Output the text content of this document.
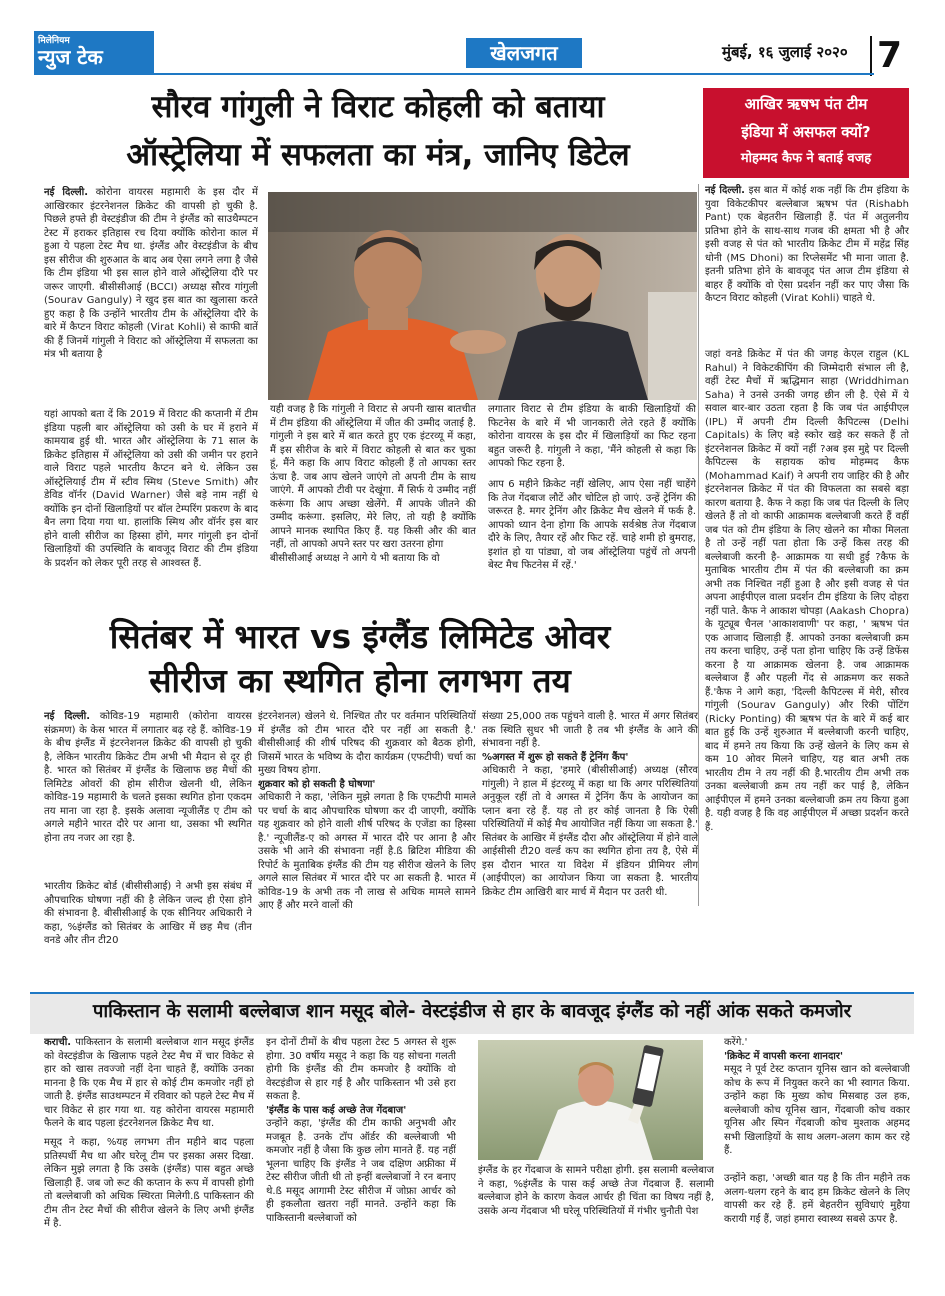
मिलेनियम
न्युज टेक	खेलजगत	मुंबई, १६ जुलाई २०२० 7
सौरव गांगुली ने विराट कोहली को बताया
ऑस्ट्रेलिया में सफलता का मंत्र, जानिए डिटेल
आखिर ऋषभ पंत टीम
इंडिया में असफल क्यों?
मोहम्मद कैफ ने बताई वजह

नई दिल्ली. कोरोना वायरस महामारी के इस दौर में आखिरकार इंटरनेशनल क्रिकेट की वापसी हो चुकी है. पिछले हफ्ते ही वेस्टइंडीज की टीम ने इंग्लैंड को साउथैम्पटन टेस्ट में हराकर इतिहास रच दिया क्योंकि कोरोना काल में हुआ ये पहला टेस्ट मैच था. इंग्लैंड और वेस्टइंडीज के बीच इस सीरीज की शुरुआत के बाद अब ऐसा लगने लगा है जैसे कि टीम इंडिया भी इस साल होने वाले ऑस्ट्रेलिया दौरे पर जरूर जाएगी. बीसीसीआई (BCCI) अध्यक्ष सौरव गांगुली (Sourav Ganguly) ने खुद इस बात का खुलासा करते हुए कहा है कि उन्होंने भारतीय टीम के ऑस्ट्रेलिया दौरे के बारे में कैप्टन विराट कोहली (Virat Kohli) से काफी बातें की हैं जिनमें गांगुली ने विराट को ऑस्ट्रेलिया में सफलता का मंत्र भी बताया है

यहां आपको बता दें कि 2019 में विराट की कप्तानी में टीम इंडिया पहली बार ऑस्ट्रेलिया को उसी के घर में हराने में कामयाब हुई थी. भारत और ऑस्ट्रेलिया के 71 साल के क्रिकेट इतिहास में ऑस्ट्रेलिया को उसी की जमीन पर हराने वाले विराट पहले भारतीय कैप्टन बने थे. लेकिन उस ऑस्ट्रेलियाई टीम में स्टीव स्मिथ (Steve Smith) और डेविड वॉर्नर (David Warner) जैसे बड़े नाम नहीं थे क्योंकि इन दोनों खिलाड़ियों पर बॉल टेम्परिंग प्रकरण के बाद बैन लगा दिया गया था. हालांकि स्मिथ और वॉर्नर इस बार होने वाली सीरीज का हिस्सा होंगे, मगर गांगुली इन दोनों खिलाड़ियों की उपस्थिति के बावजूद विराट की टीम इंडिया के प्रदर्शन को लेकर पूरी तरह से आश्वस्त हैं.

यही वजह है कि गांगुली ने विराट से अपनी खास बातचीत में टीम इंडिया की ऑस्ट्रेलिया में जीत की उम्मीद जताई है. गांगुली ने इस बारे में बात करते हुए एक इंटरव्यू में कहा, मैं इस सीरीज के बारे में विराट कोहली से बात कर चुका हूं, मैंने कहा कि आप विराट कोहली हैं तो आपका स्तर ऊंचा है. जब आप खेलने जाएंगे तो अपनी टीम के साथ जाएंगे. मैं आपको टीवी पर देखूंगा. मैं सिर्फ ये उम्मीद नहीं करूंगा कि आप अच्छा खेलेंगे. मैं आपके जीतने की उम्मीद करूंगा. इसलिए, मेरे लिए, तो यही है क्योंकि आपने मानक स्थापित किए हैं. यह किसी और की बात नहीं, तो आपको अपने स्तर पर खरा उतरना होगा

बीसीसीआई अध्यक्ष ने आगे ये भी बताया कि वो

लगातार विराट से टीम इंडिया के बाकी खिलाड़ियों की फिटनेस के बारे में भी जानकारी लेते रहते हैं क्योंकि कोरोना वायरस के इस दौर में खिलाड़ियों का फिट रहना बहुत जरूरी है. गांगुली ने कहा, 'मैंने कोहली से कहा कि आपको फिट रहना है.

आप 6 महीने क्रिकेट नहीं खेलिए, आप ऐसा नहीं चाहेंगे कि तेज गेंदबाज लौटें और चोटिल हो जाएं. उन्हें ट्रेनिंग की जरूरत है. मगर ट्रेनिंग और क्रिकेट मैच खेलने में फर्क है. आपको ध्यान देना होगा कि आपके सर्वश्रेष्ठ तेज गेंदबाज दौरे के लिए, तैयार रहें और फिट रहें. चाहे शमी हो बुमराह, इशांत हो या पांड्या, वो जब ऑस्ट्रेलिया पहुंचें तो अपनी बेस्ट मैच फिटनेस में रहें.'

नई दिल्ली. इस बात में कोई शक नहीं कि टीम इंडिया के युवा विकेटकीपर बल्लेबाज ऋषभ पंत (Rishabh Pant) एक बेहतरीन खिलाड़ी हैं. पंत में अतुलनीय प्रतिभा होने के साथ-साथ गजब की क्षमता भी है और इसी वजह से पंत को भारतीय क्रिकेट टीम में महेंद्र सिंह धोनी (MS Dhoni) का रिप्लेसमेंट भी माना जाता है. इतनी प्रतिभा होने के बावजूद पंत आज टीम इंडिया से बाहर हैं क्योंकि वो ऐसा प्रदर्शन नहीं कर पाए जैसा कि कैप्टन विराट कोहली (Virat Kohli) चाहते थे.

जहां वनडे क्रिकेट में पंत की जगह केएल राहुल (KL Rahul) ने विकेटकीपिंग की जिम्मेदारी संभाल ली है, वहीं टेस्ट मैचों में ऋद्धिमान साहा (Wriddhiman Saha) ने उनसे उनकी जगह छीन ली है. ऐसे में ये सवाल बार-बार उठता रहता है कि जब पंत आईपीएल (IPL) में अपनी टीम दिल्ली कैपिटल्स (Delhi Capitals) के लिए बड़े स्कोर खड़े कर सकते हैं तो इंटरनेशनल क्रिकेट में क्यों नहीं ?अब इस मुद्दे पर दिल्ली कैपिटल्स के सहायक कोच मोहम्मद कैफ (Mohammad Kaif) ने अपनी राय जाहिर की है और इंटरनेशनल क्रिकेट में पंत की विफलता का सबसे बड़ा कारण बताया है. कैफ ने कहा कि जब पंत दिल्ली के लिए खेलते हैं तो वो काफी आक्रामक बल्लेबाजी करते हैं वहीं जब पंत को टीम इंडिया के लिए खेलने का मौका मिलता है तो उन्हें नहीं पता होता कि उन्हें किस तरह की बल्लेबाजी करनी है- आक्रामक या सधी हुई ?कैफ के मुताबिक भारतीय टीम में पंत की बल्लेबाजी का क्रम अभी तक निश्चित नहीं हुआ है और इसी वजह से पंत अपना आईपीएल वाला प्रदर्शन टीम इंडिया के लिए दोहरा नहीं पाते. कैफ ने आकाश चोपड़ा (Aakash Chopra) के यूट्यूब चैनल 'आकाशवाणी' पर कहा, ' ऋषभ पंत एक आजाद खिलाड़ी हैं. आपको उनका बल्लेबाजी क्रम तय करना चाहिए, उन्हें पता होना चाहिए कि उन्हें डिफेंस करना है या आक्रामक खेलना है. जब आक्रामक बल्लेबाज हैं और पहली गेंद से आक्रमण कर सकते हैं.'कैफ ने आगे कहा, 'दिल्ली कैपिटल्स में मेरी, सौरव गांगुली (Sourav Ganguly) और रिकी पोंटिंग (Ricky Ponting) की ऋषभ पंत के बारे में कई बार बात हुई कि उन्हें शुरुआत में बल्लेबाजी करनी चाहिए, बाद में हमने तय किया कि उन्हें खेलने के लिए कम से कम 10 ओवर मिलने चाहिए, यह बात अभी तक भारतीय टीम ने तय नहीं की है.भारतीय टीम अभी तक उनका बल्लेबाजी क्रम तय नहीं कर पाई है, लेकिन आईपीएल में हमने उनका बल्लेबाजी क्रम तय किया हुआ है. यही वजह है कि वह आईपीएल में अच्छा प्रदर्शन करते हैं.

सितंबर में भारत vs इंग्लैंड लिमिटेड ओवर
सीरीज का स्थगित होना लगभग तय

नई दिल्ली. कोविड-19 महामारी (कोरोना वायरस संक्रमण) के केस भारत में लगातार बढ़ रहे हैं. कोविड-19 के बीच इंग्लैंड में इंटरनेशनल क्रिकेट की वापसी हो चुकी है, लेकिन भारतीय क्रिकेट टीम अभी भी मैदान से दूर ही है. भारत को सितंबर में इंग्लैंड के खिलाफ छह मैचों की लिमिटेड ओवरों की होम सीरीज खेलनी थी, लेकिन कोविड-19 महामारी के चलते इसका स्थगित होना एकदम तय माना जा रहा है. इसके अलावा न्यूजीलैंड ए टीम को अगले महीने भारत दौरे पर आना था, उसका भी स्थगित होना तय नजर आ रहा है.

भारतीय क्रिकेट बोर्ड (बीसीसीआई) ने अभी इस संबंध में औपचारिक घोषणा नहीं की है लेकिन जल्द ही ऐसा होने की संभावना है. बीसीसीआई के एक सीनियर अधिकारी ने कहा, %इंग्लैंड को सितंबर के आखिर में छह मैच (तीन वनडे और तीन टी20

इंटरनेशनल) खेलने थे. निश्चित तौर पर वर्तमान परिस्थितियों में इंग्लैंड को टीम भारत दौरे पर नहीं आ सकती है.' बीसीसीआई की शीर्ष परिषद की शुक्रवार को बैठक होगी, जिसमें भारत के भविष्य के दौरा कार्यक्रम (एफटीपी) चर्चा का मुख्य विषय होगा.

शुक्रवार को हो सकती है घोषणा'

अधिकारी ने कहा, 'लेकिन मुझे लगता है कि एफटीपी मामले पर चर्चा के बाद औपचारिक घोषणा कर दी जाएगी, क्योंकि यह शुक्रवार को होने वाली शीर्ष परिषद के एजेंडा का हिस्सा है.' न्यूजीलैंड-ए को अगस्त में भारत दौरे पर आना है और उसके भी आने की संभावना नहीं है.ß ब्रिटिश मीडिया की रिपोर्ट के मुताबिक इंग्लैंड की टीम यह सीरीज खेलने के लिए अगले साल सितंबर में भारत दौरे पर आ सकती है. भारत में कोविड-19 के अभी तक नौ लाख से अधिक मामले सामने आए हैं और मरने वालों की

संख्या 25,000 तक पहुंचने वाली है. भारत में अगर सितंबर तक स्थिति सुधर भी जाती है तब भी इंग्लैंड के आने की संभावना नहीं है.

%अगस्त में शुरू हो सकते हैं ट्रेनिंग कैंप'

अधिकारी ने कहा, 'हमारे (बीसीसीआई) अध्यक्ष (सौरव गांगुली) ने हाल में इंटरव्यू में कहा था कि अगर परिस्थितियां अनुकूल रहीं तो वे अगस्त में ट्रेनिंग कैंप के आयोजन का प्लान बना रहे हैं. यह तो हर कोई जानता है कि ऐसी परिस्थितियों में कोई मैच आयोजित नहीं किया जा सकता है.' सितंबर के आखिर में इंग्लैंड दौरा और ऑस्ट्रेलिया में होने वाले आईसीसी टी20 वर्ल्ड कप का स्थगित होना तय है, ऐसे में इस दौरान भारत या विदेश में इंडियन प्रीमियर लीग (आईपीएल) का आयोजन किया जा सकता है. भारतीय क्रिकेट टीम आखिरी बार मार्च में मैदान पर उतरी थी.

पाकिस्तान के सलामी बल्लेबाज शान मसूद बोले- वेस्टइंडीज से हार के बावजूद इंग्लैंड को नहीं आंक सकते कमजोर

कराची. पाकिस्तान के सलामी बल्लेबाज शान मसूद इंग्लैंड को वेस्टइंडीज के खिलाफ पहले टेस्ट मैच में चार विकेट से हार को खास तवज्जो नहीं देना चाहते हैं, क्योंकि उनका मानना है कि एक मैच में हार से कोई टीम कमजोर नहीं हो जाती है. इंग्लैंड साउथम्पटन में रविवार को पहले टेस्ट मैच में चार विकेट से हार गया था. यह कोरोना वायरस महामारी फैलने के बाद पहला इंटरनेशनल क्रिकेट मैच था.

मसूद ने कहा, %यह लगभग तीन महीने बाद पहला प्रतिस्पर्धी मैच था और घरेलू टीम पर इसका असर दिखा. लेकिन मुझे लगता है कि उसके (इंग्लैंड) पास बहुत अच्छे खिलाड़ी हैं. जब जो रूट की कप्तान के रूप में वापसी होगी तो बल्लेबाजी को अधिक स्थिरता मिलेगी.ß पाकिस्तान की टीम तीन टेस्ट मैचों की सीरीज खेलने के लिए अभी इंग्लैंड में है.

इन दोनों टीमों के बीच पहला टेस्ट 5 अगस्त से शुरू होगा. 30 वर्षीय मसूद ने कहा कि यह सोचना गलती होगी कि इंग्लैंड की टीम कमजोर है क्योंकि वो वेस्टइंडीज से हार गई है और पाकिस्तान भी उसे हरा सकता है.

'इंग्लैंड के पास कई अच्छे तेज गेंदबाज'

उन्होंने कहा, 'इंग्लैंड की टीम काफी अनुभवी और मजबूत है. उनके टॉप ऑर्डर की बल्लेबाजी भी कमजोर नहीं है जैसा कि कुछ लोग मानते हैं. यह नहीं भूलना चाहिए कि इंग्लैंड ने जब दक्षिण अफ्रीका में टेस्ट सीरीज जीती थी तो इन्हीं बल्लेबाजों ने रन बनाए थे.ß मसूद आगामी टेस्ट सीरीज में जोफ्रा आर्चर को ही इकलौता खतरा नहीं मानते. उन्होंने कहा कि पाकिस्तानी बल्लेबाजों को

इंग्लैंड के हर गेंदबाज के सामने परीक्षा होगी. इस सलामी बल्लेबाज ने कहा, %इंग्लैंड के पास कई अच्छे तेज गेंदबाज हैं. सलामी बल्लेबाज होने के कारण केवल आर्चर ही चिंता का विषय नहीं है, उसके अन्य गेंदबाज भी घरेलू परिस्थितियों में गंभीर चुनौती पेश

करेंगे.'

'क्रिकेट में वापसी करना शानदार'

मसूद ने पूर्व टेस्ट कप्तान यूनिस खान को बल्लेबाजी कोच के रूप में नियुक्त करने का भी स्वागत किया. उन्होंने कहा कि मुख्य कोच मिसबाह उल हक, बल्लेबाजी कोच यूनिस खान, गेंदबाजी कोच वकार यूनिस और स्पिन गेंदबाजी कोच मुश्ताक अहमद सभी खिलाड़ियों के साथ अलग-अलग काम कर रहे हैं.

उन्होंने कहा, 'अच्छी बात यह है कि तीन महीने तक अलग-थलग रहने के बाद हम क्रिकेट खेलने के लिए वापसी कर रहे हैं. हमें बेहतरीन सुविधाएं मुहैया करायी गई हैं, जहां हमारा स्वास्थ्य सबसे ऊपर है.
